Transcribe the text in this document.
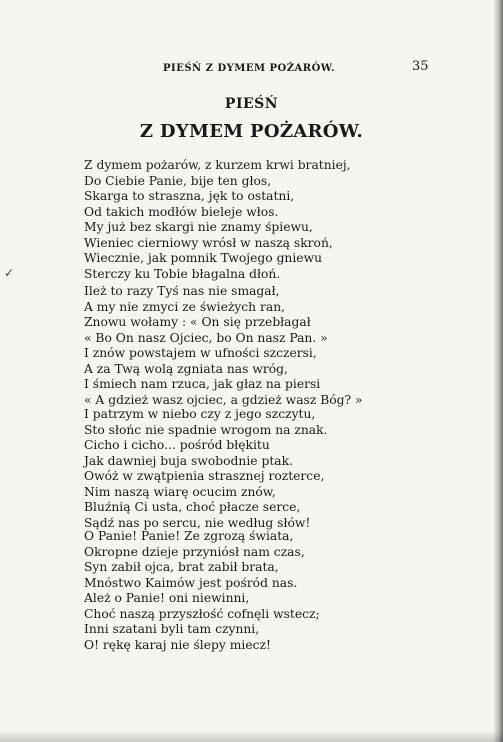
✓
PIEŚŃ Z DYMEM POŻARÓW.	35
PIEŚŃ
Z DYMEM POŻARÓW.
Z dymem pożarów, z kurzem krwi bratniej,
Do Ciebie Panie, bije ten głos,
Skarga to straszna, jęk to ostatni,
Od takich modłów bieleje włos.
My już bez skargi nie znamy śpiewu,
Wieniec cierniowy wrósł w naszą skroń,
Wiecznie, jak pomnik Twojego gniewu
Sterczy ku Tobie błagalna dłoń.
Ileż to razy Tyś nas nie smagał,
A my nie zmyci ze świeżych ran,
Znowu wołamy : « On się przebłagał
« Bo On nasz Ojciec, bo On nasz Pan. »
I znów powstajem w ufności szczersi,
A za Twą wolą zgniata nas wróg,
I śmiech nam rzuca, jak głaz na piersi
« A gdzież wasz ojciec, a gdzież wasz Bóg? »
I patrzym w niebo czy z jego szczytu,
Sto słońc nie spadnie wrogom na znak.
Cicho i cicho... pośród błękitu
Jak dawniej buja swobodnie ptak.
Owóż w zwątpienia strasznej rozterce,
Nim naszą wiarę ocucim znów,
Bluźnią Ci usta, choć płacze serce,
Sądź nas po sercu, nie według słów!
O Panie! Panie! Ze zgrozą świata,
Okropne dzieje przyniósł nam czas,
Syn zabił ojca, brat zabił brata,
Mnóstwo Kaimów jest pośród nas.
Ależ o Panie! oni niewinni,
Choć naszą przyszłość cofnęli wstecz;
Inni szatani byli tam czynni,
O! rękę karaj nie ślepy miecz!
